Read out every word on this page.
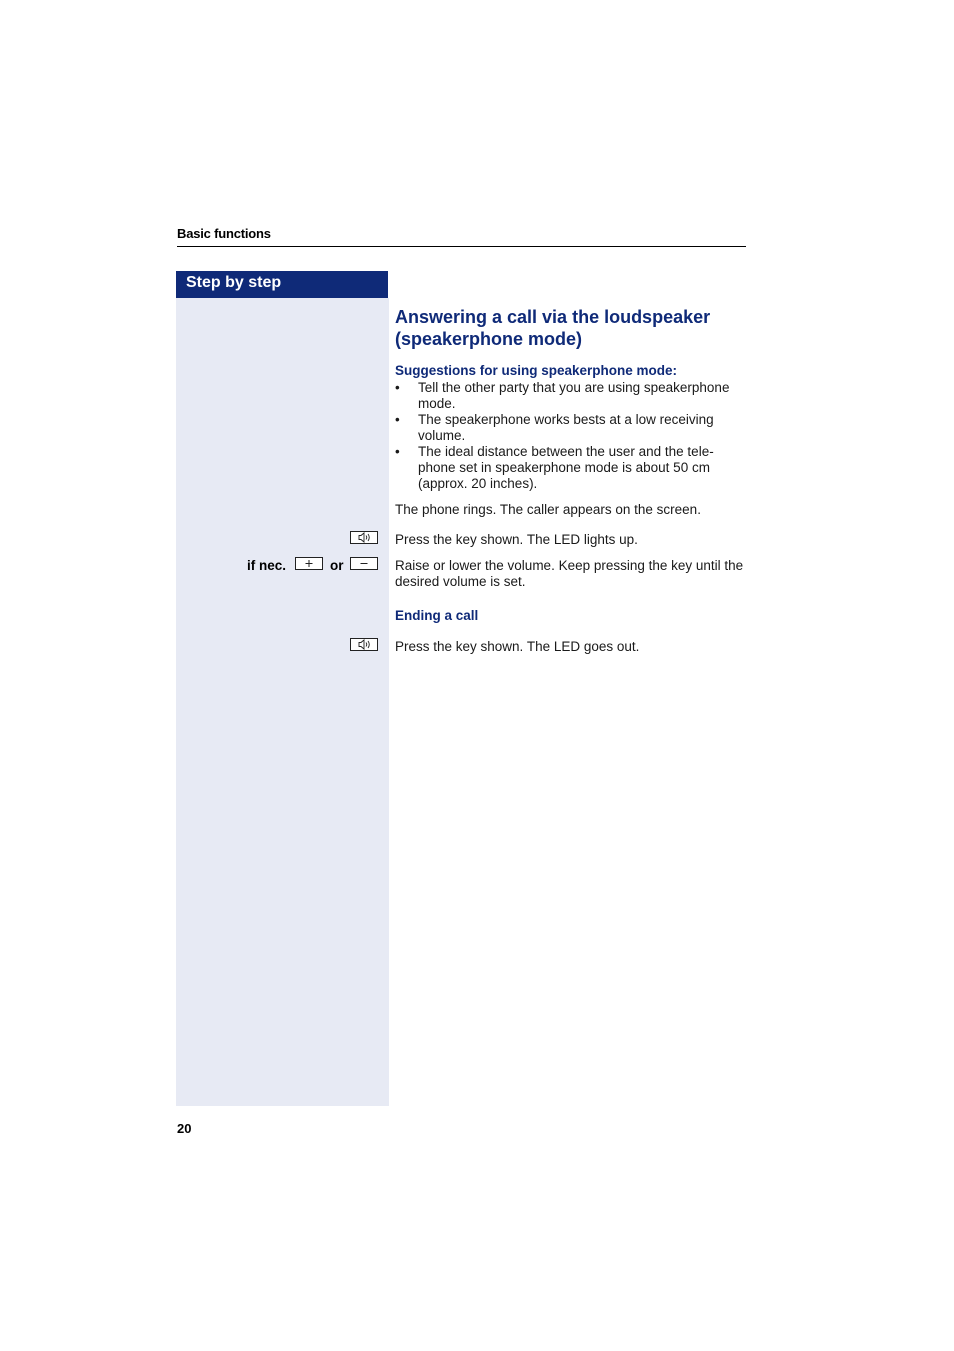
Basic functions
Step by step
Answering a call via the loudspeaker (speakerphone mode)
Suggestions for using speakerphone mode:
• Tell the other party that you are using speakerphone mode.
• The speakerphone works bests at a low receiving volume.
• The ideal distance between the user and the tele-phone set in speakerphone mode is about 50 cm (approx. 20 inches).
The phone rings. The caller appears on the screen.
Press the key shown. The LED lights up.
if nec.	or	Raise or lower the volume. Keep pressing the key until the desired volume is set.
Ending a call
Press the key shown. The LED goes out.
20
